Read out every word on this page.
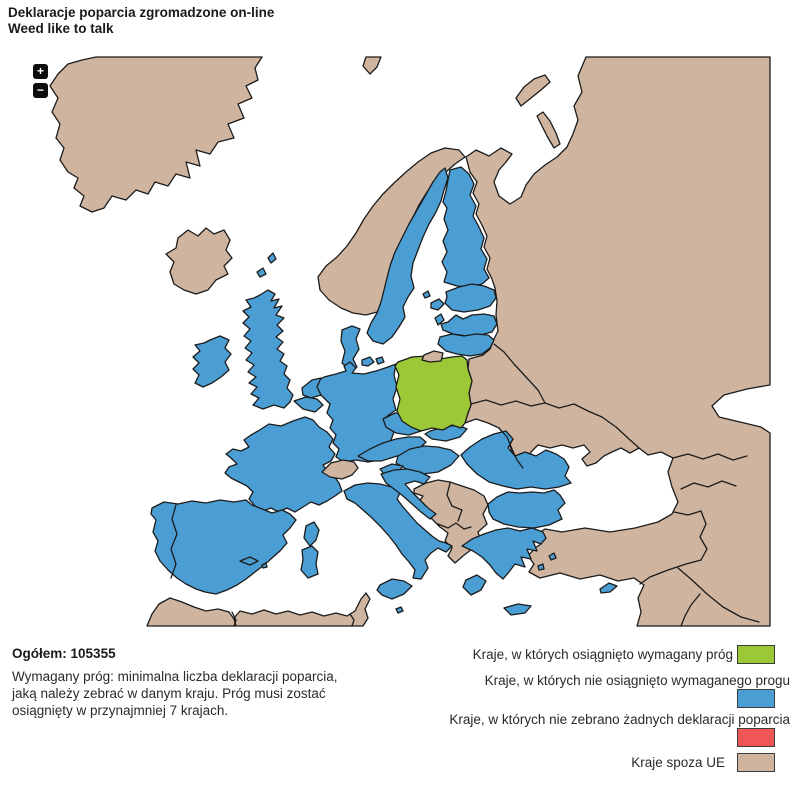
Deklaracje poparcia zgromadzone on-line
Weed like to talk
+
−
Ogółem: 105355
Wymagany próg: minimalna liczba deklaracji poparcia, jaką należy zebrać w danym kraju. Próg musi zostać osiągnięty w przynajmniej 7 krajach.
Kraje, w których osiągnięto wymagany próg
Kraje, w których nie osiągnięto wymaganego progu
Kraje, w których nie zebrano żadnych deklaracji poparcia
Kraje spoza UE
